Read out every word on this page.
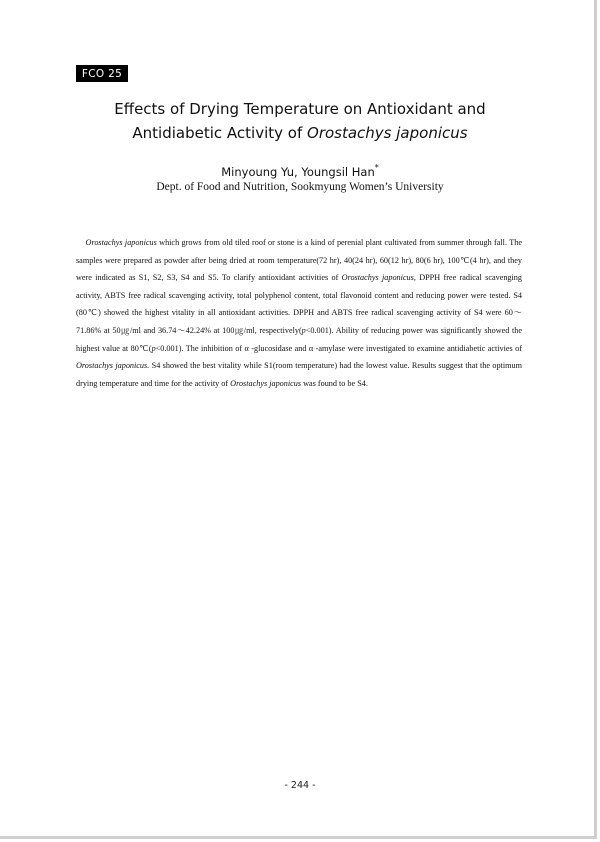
FCO 25
Effects of Drying Temperature on Antioxidant and
Antidiabetic Activity of Orostachys japonicus
Minyoung Yu, Youngsil Han*
Dept. of Food and Nutrition, Sookmyung Women’s University
Orostachys japonicus which grows from old tiled roof or stone is a kind of perenial plant cultivated from summer through fall. The samples were prepared as powder after being dried at room temperature(72 hr), 40(24 hr), 60(12 hr), 80(6 hr), 100℃(4 hr), and they were indicated as S1, S2, S3, S4 and S5. To clarify antioxidant activities of Orostachys japonicus, DPPH free radical scavenging activity, ABTS free radical scavenging activity, total polyphenol content, total flavonoid content and reducing power were tested. S4 (80℃) showed the highest vitality in all antioxidant activities. DPPH and ABTS free radical scavenging activity of S4 were 60～71.86% at 50㎍/ml and 36.74～42.24% at 100㎍/ml, respectively(p<0.001). Ability of reducing power was significantly showed the highest value at 80℃(p<0.001). The inhibition of α -glucosidase and α -amylase were investigated to examine antidiabetic activies of Orostachys japonicus. S4 showed the best vitality while S1(room temperature) had the lowest value. Results suggest that the optimum drying temperature and time for the activity of Orostachys japonicus was found to be S4.
- 244 -
